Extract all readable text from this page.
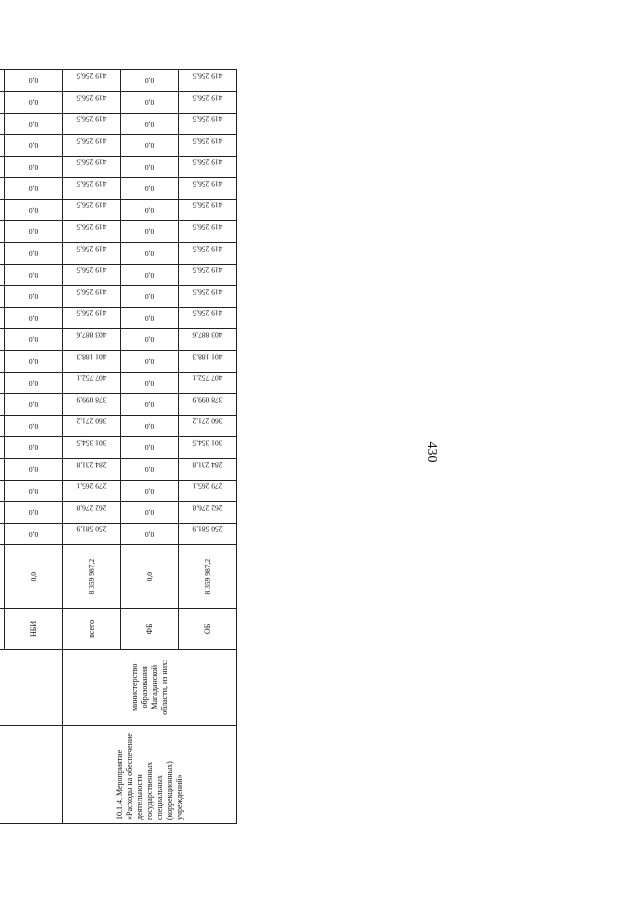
430

		НБИ	0,0	0,0	0,0	0,0	0,0	0,0	0,0	0,0	0,0	0,0	0,0	0,0	0,0	0,0	0,0	0,0	0,0	0,0	0,0	0,0	0,0	0,0	0,0
10.1.4. Мероприятие «Расходы на обеспечение деятельности государственных специальных (коррекционных) учреждений»	министерство образования Магаданской области, из них:	всего	8 359 987,2	250 581,9	262 276,8	279 265,1	284 231,8	301 354,5	360 271,2	378 099,9	407 752,1	401 188,3	403 887,6	419 256,5	419 256,5	419 256,5	419 256,5	419 256,5	419 256,5	419 256,5	419 256,5	419 256,5	419 256,5	419 256,5	419 256,5
		ФБ	0,0	0,0	0,0	0,0	0,0	0,0	0,0	0,0	0,0	0,0	0,0	0,0	0,0	0,0	0,0	0,0	0,0	0,0	0,0	0,0	0,0	0,0	0,0
		ОБ	8 359 987,2	250 581,9	262 276,8	279 265,1	284 231,8	301 354,5	360 271,2	378 099,9	407 752,1	401 188,3	403 887,6	419 256,5	419 256,5	419 256,5	419 256,5	419 256,5	419 256,5	419 256,5	419 256,5	419 256,5	419 256,5	419 256,5	419 256,5
